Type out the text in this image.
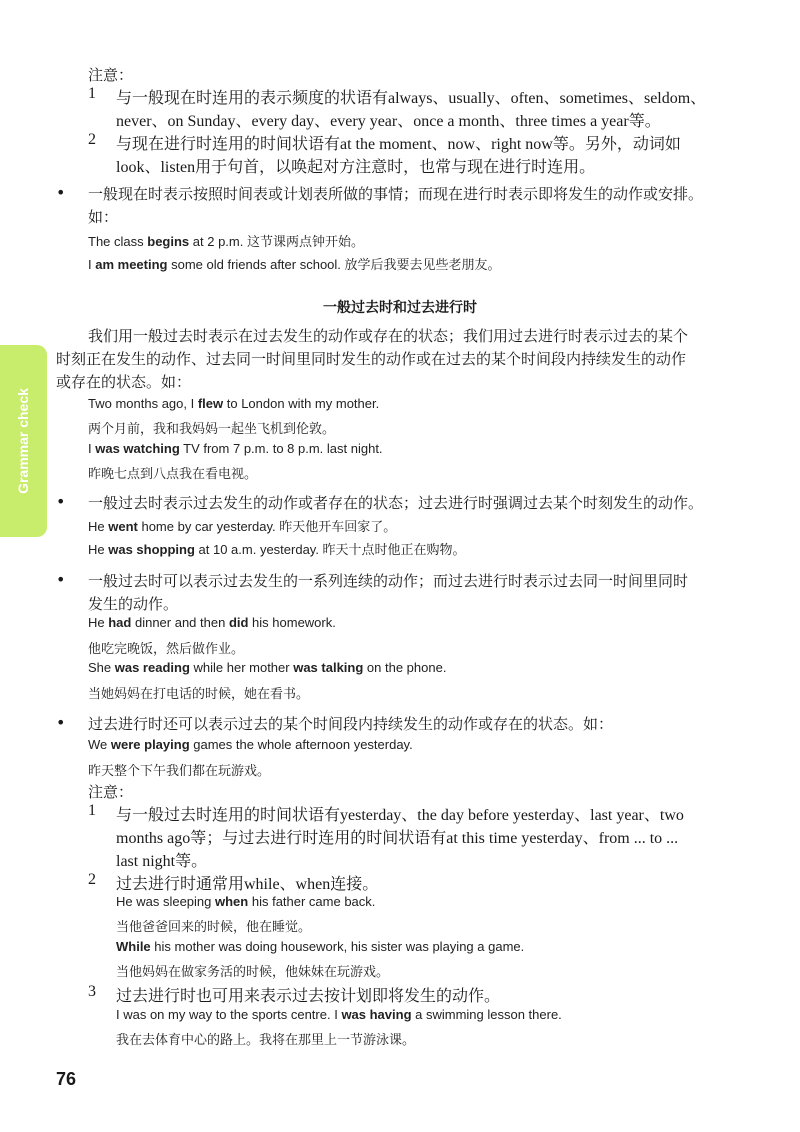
Grammar check

注意：

1 与一般现在时连用的表示频度的状语有always、usually、often、sometimes、seldom、

never、on Sunday、every day、every year、once a month、three times a year等。

2 与现在进行时连用的时间状语有at the moment、now、right now等。另外，动词如

look、listen用于句首，以唤起对方注意时，也常与现在进行时连用。

• 一般现在时表示按照时间表或计划表所做的事情；而现在进行时表示即将发生的动作或安排。

如：

The class begins at 2 p.m. 这节课两点钟开始。

I am meeting some old friends after school. 放学后我要去见些老朋友。

一般过去时和过去进行时

我们用一般过去时表示在过去发生的动作或存在的状态；我们用过去进行时表示过去的某个

时刻正在发生的动作、过去同一时间里同时发生的动作或在过去的某个时间段内持续发生的动作

或存在的状态。如：

Two months ago, I flew to London with my mother.

两个月前，我和我妈妈一起坐飞机到伦敦。

I was watching TV from 7 p.m. to 8 p.m. last night.

昨晚七点到八点我在看电视。

• 一般过去时表示过去发生的动作或者存在的状态；过去进行时强调过去某个时刻发生的动作。

He went home by car yesterday. 昨天他开车回家了。

He was shopping at 10 a.m. yesterday. 昨天十点时他正在购物。

• 一般过去时可以表示过去发生的一系列连续的动作；而过去进行时表示过去同一时间里同时

发生的动作。

He had dinner and then did his homework.

他吃完晚饭，然后做作业。

She was reading while her mother was talking on the phone.

当她妈妈在打电话的时候，她在看书。

• 过去进行时还可以表示过去的某个时间段内持续发生的动作或存在的状态。如：

We were playing games the whole afternoon yesterday.

昨天整个下午我们都在玩游戏。

注意：

1 与一般过去时连用的时间状语有yesterday、the day before yesterday、last year、two

months ago等；与过去进行时连用的时间状语有at this time yesterday、from ... to ...

last night等。

2 过去进行时通常用while、when连接。

He was sleeping when his father came back.

当他爸爸回来的时候，他在睡觉。

While his mother was doing housework, his sister was playing a game.

当他妈妈在做家务活的时候，他妹妹在玩游戏。

3 过去进行时也可用来表示过去按计划即将发生的动作。

I was on my way to the sports centre. I was having a swimming lesson there.

我在去体育中心的路上。我将在那里上一节游泳课。

76
